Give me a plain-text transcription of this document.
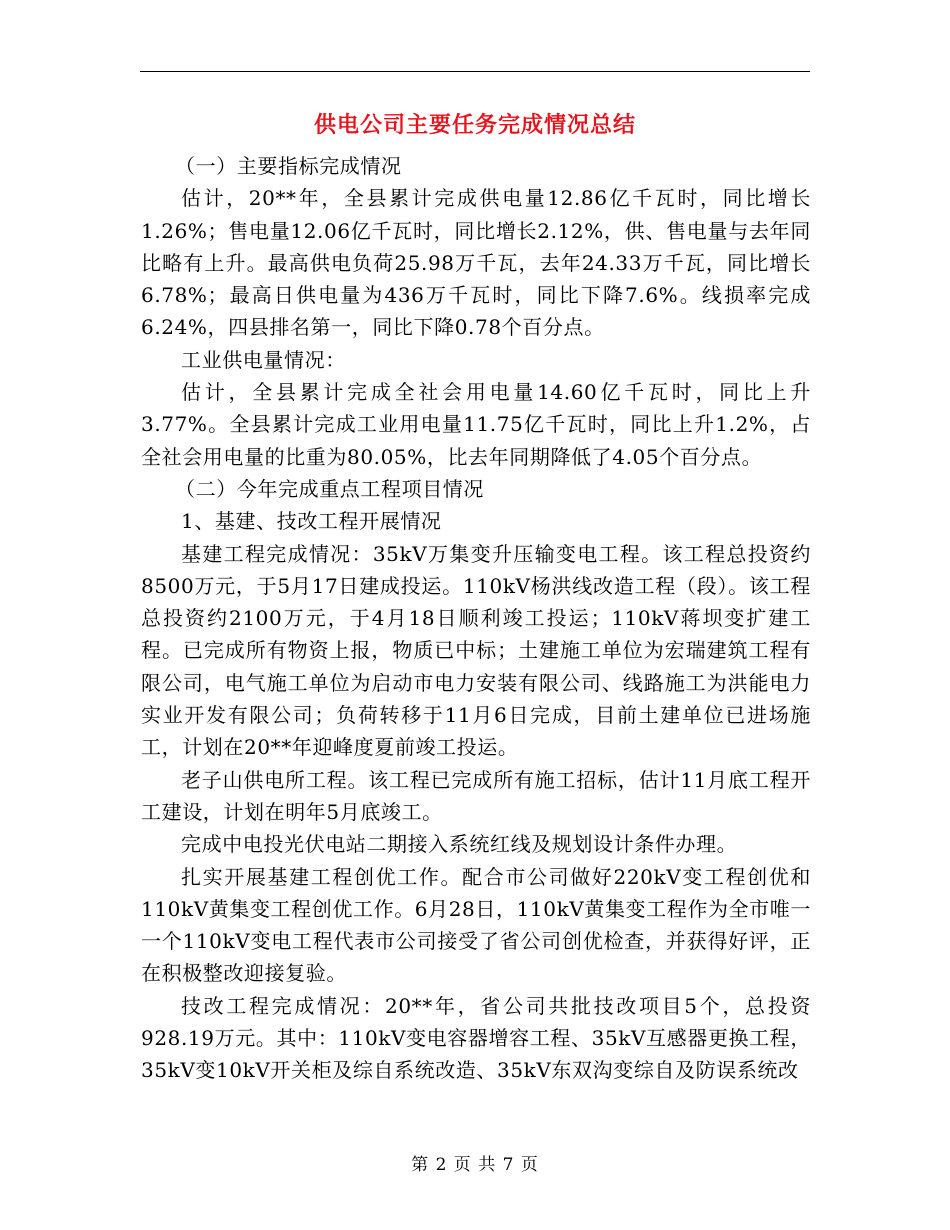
供电公司主要任务完成情况总结

（一）主要指标完成情况

估计，20**年，全县累计完成供电量12.86亿千瓦时，同比增长1.26%；售电量12.06亿千瓦时，同比增长2.12%，供、售电量与去年同比略有上升。最高供电负荷25.98万千瓦，去年24.33万千瓦，同比增长6.78%；最高日供电量为436万千瓦时，同比下降7.6%。线损率完成6.24%，四县排名第一，同比下降0.78个百分点。

工业供电量情况：

估计，全县累计完成全社会用电量14.60亿千瓦时，同比上升3.77%。全县累计完成工业用电量11.75亿千瓦时，同比上升1.2%，占全社会用电量的比重为80.05%，比去年同期降低了4.05个百分点。

（二）今年完成重点工程项目情况

1、基建、技改工程开展情况

基建工程完成情况：35kV万集变升压输变电工程。该工程总投资约8500万元，于5月17日建成投运。110kV杨洪线改造工程（段）。该工程总投资约2100万元，于4月18日顺利竣工投运；110kV蒋坝变扩建工程。已完成所有物资上报，物质已中标；土建施工单位为宏瑞建筑工程有限公司，电气施工单位为启动市电力安装有限公司、线路施工为洪能电力实业开发有限公司；负荷转移于11月6日完成，目前土建单位已进场施工，计划在20**年迎峰度夏前竣工投运。

老子山供电所工程。该工程已完成所有施工招标，估计11月底工程开工建设，计划在明年5月底竣工。

完成中电投光伏电站二期接入系统红线及规划设计条件办理。

扎实开展基建工程创优工作。配合市公司做好220kV变工程创优和110kV黄集变工程创优工作。6月28日，110kV黄集变工程作为全市唯一一个110kV变电工程代表市公司接受了省公司创优检查，并获得好评，正在积极整改迎接复验。

技改工程完成情况：20**年，省公司共批技改项目5个，总投资928.19万元。其中：110kV变电容器增容工程、35kV互感器更换工程，35kV变10kV开关柜及综自系统改造、35kV东双沟变综自及防误系统改

第 2 页 共 7 页
